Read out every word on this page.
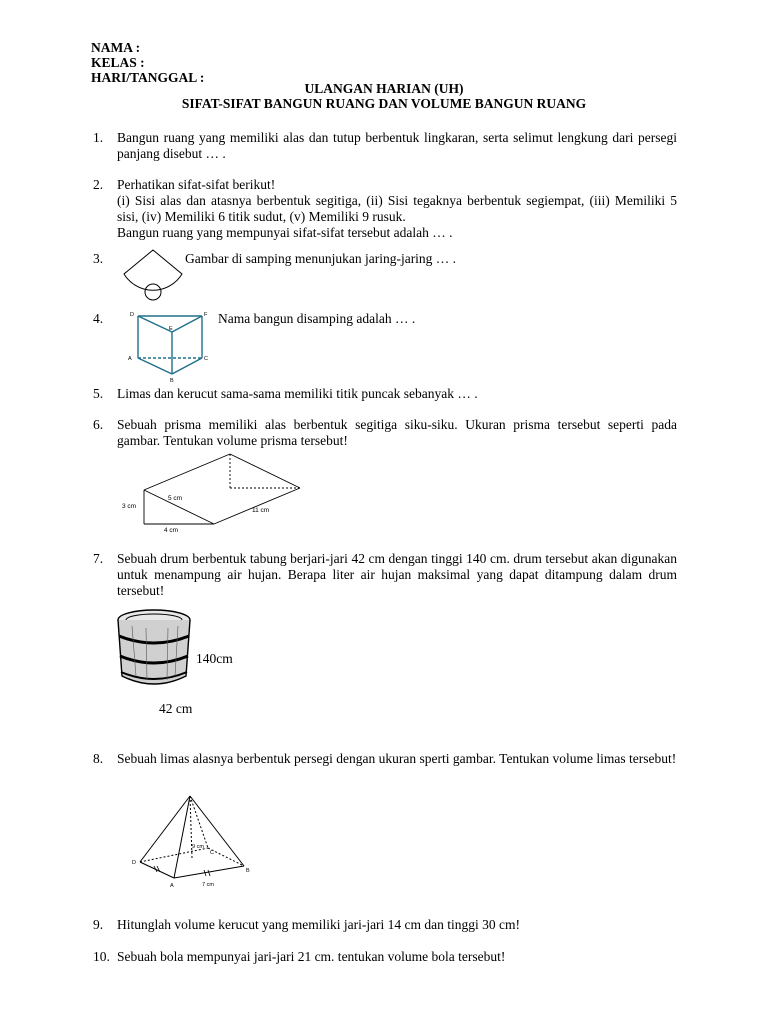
NAMA :
KELAS :
HARI/TANGGAL :
ULANGAN HARIAN (UH)
SIFAT-SIFAT BANGUN RUANG DAN VOLUME BANGUN RUANG
1. Bangun ruang yang memiliki alas dan tutup berbentuk lingkaran, serta selimut lengkung dari persegi panjang disebut … .

2. Perhatikan sifat-sifat berikut!

(i) Sisi alas dan atasnya berbentuk segitiga, (ii) Sisi tegaknya berbentuk segiempat, (iii) Memiliki 5 sisi, (iv) Memiliki 6 titik sudut, (v) Memiliki 9 rusuk.

Bangun ruang yang mempunyai sifat-sifat tersebut adalah … .

3.	Gambar di samping menunjukan jaring-jaring … .
4.	D	F
E
A	C
B
Nama bangun disamping adalah … .
5. Limas dan kerucut sama-sama memiliki titik puncak sebanyak … .
6. Sebuah prisma memiliki alas berbentuk segitiga siku-siku. Ukuran prisma tersebut seperti pada gambar. Tentukan volume prisma tersebut!
3 cm
5 cm
4 cm
11 cm
7. Sebuah drum berbentuk tabung berjari-jari 42 cm dengan tinggi 140 cm. drum tersebut akan digunakan untuk menampung air hujan. Berapa liter air hujan maksimal yang dapat ditampung dalam drum tersebut!
140cm
42 cm
8. Sebuah limas alasnya berbentuk persegi dengan ukuran sperti gambar. Tentukan volume limas tersebut!
9 cm
7 cm
A
B
C
D
9. Hitunglah volume kerucut yang memiliki jari-jari 14 cm dan tinggi 30 cm!
10. Sebuah bola mempunyai jari-jari 21 cm. tentukan volume bola tersebut!
